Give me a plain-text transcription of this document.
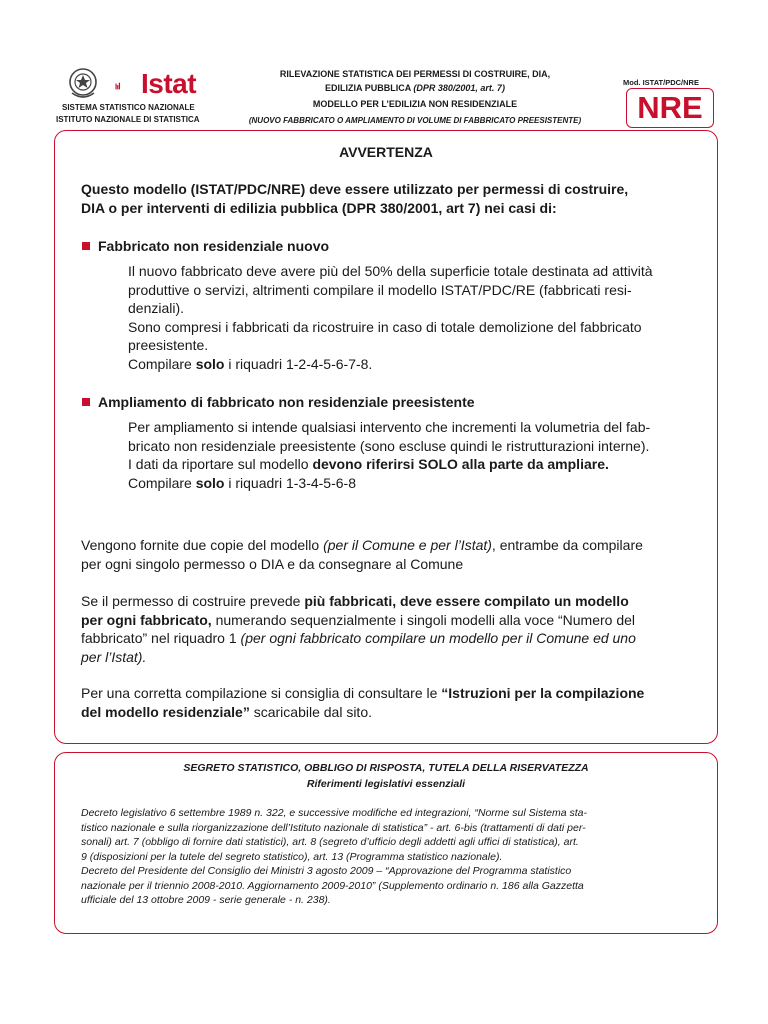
Istat
SISTEMA STATISTICO NAZIONALE
ISTITUTO NAZIONALE DI STATISTICA
RILEVAZIONE STATISTICA DEI PERMESSI DI COSTRUIRE, DIA,
EDILIZIA PUBBLICA (DPR 380/2001, art. 7)
MODELLO PER L’EDILIZIA NON RESIDENZIALE
(NUOVO FABBRICATO O AMPLIAMENTO DI VOLUME DI FABBRICATO PREESISTENTE)
Mod. ISTAT/PDC/NRE
NRE
AVVERTENZA
Questo modello (ISTAT/PDC/NRE) deve essere utilizzato per permessi di costruire,
DIA o per interventi di edilizia pubblica (DPR 380/2001, art 7) nei casi di:
Fabbricato non residenziale nuovo
Il nuovo fabbricato deve avere più del 50% della superficie totale destinata ad attività
produttive o servizi, altrimenti compilare il modello ISTAT/PDC/RE (fabbricati resi-
denziali).
Sono compresi i fabbricati da ricostruire in caso di totale demolizione del fabbricato
preesistente.
Compilare solo i riquadri 1-2-4-5-6-7-8.
Ampliamento di fabbricato non residenziale preesistente
Per ampliamento si intende qualsiasi intervento che incrementi la volumetria del fab-
bricato non residenziale preesistente (sono escluse quindi le ristrutturazioni interne).
I dati da riportare sul modello devono riferirsi SOLO alla parte da ampliare.
Compilare solo i riquadri 1-3-4-5-6-8
Vengono fornite due copie del modello (per il Comune e per l’Istat), entrambe da compilare
per ogni singolo permesso o DIA e da consegnare al Comune
Se il permesso di costruire prevede più fabbricati, deve essere compilato un modello
per ogni fabbricato, numerando sequenzialmente i singoli modelli alla voce “Numero del
fabbricato” nel riquadro 1 (per ogni fabbricato compilare un modello per il Comune ed uno
per l’Istat).
Per una corretta compilazione si consiglia di consultare le “Istruzioni per la compilazione
del modello residenziale” scaricabile dal sito.
SEGRETO STATISTICO, OBBLIGO DI RISPOSTA, TUTELA DELLA RISERVATEZZA
Riferimenti legislativi essenziali
Decreto legislativo 6 settembre 1989 n. 322, e successive modifiche ed integrazioni, “Norme sul Sistema sta-
tistico nazionale e sulla riorganizzazione dell’Istituto nazionale di statistica” - art. 6-bis (trattamenti di dati per-
sonali) art. 7 (obbligo di fornire dati statistici), art. 8 (segreto d’ufficio degli addetti agli uffici di statistica), art.
9 (disposizioni per la tutele del segreto statistico), art. 13 (Programma statistico nazionale).
Decreto del Presidente del Consiglio dei Ministri 3 agosto 2009 – “Approvazione del Programma statistico
nazionale per il triennio 2008-2010. Aggiornamento 2009-2010” (Supplemento ordinario n. 186 alla Gazzetta
ufficiale del 13 ottobre 2009 - serie generale - n. 238).
